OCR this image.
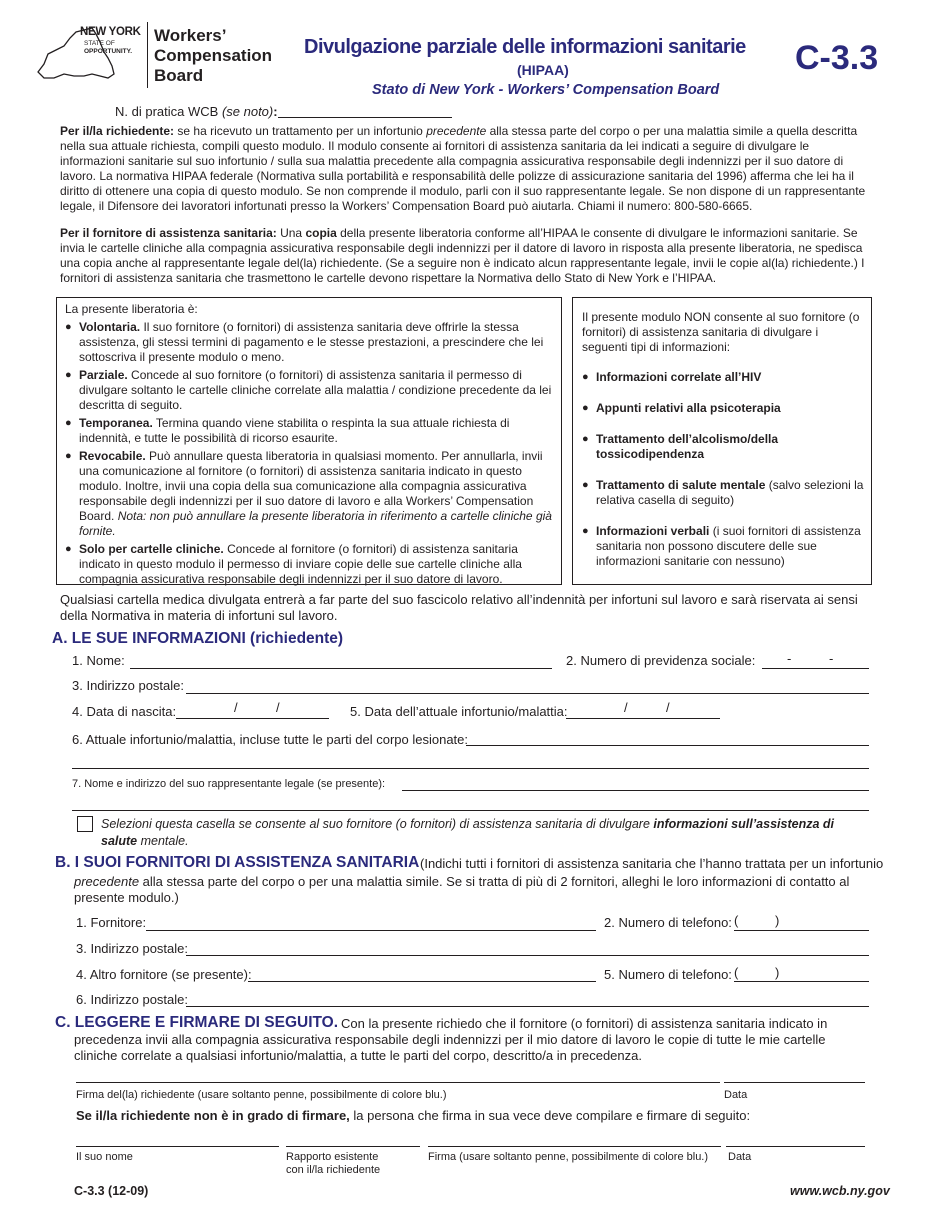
NEW YORK
STATE OF
OPPORTUNITY.
Workers’
Compensation
Board
Divulgazione parziale delle informazioni sanitarie
(HIPAA)
Stato di New York - Workers’ Compensation Board
C-3.3
N. di pratica WCB (se noto):
Per il/la richiedente: se ha ricevuto un trattamento per un infortunio precedente alla stessa parte del corpo o per una malattia simile a quella descritta nella sua attuale richiesta, compili questo modulo. Il modulo consente ai fornitori di assistenza sanitaria da lei indicati a seguire di divulgare le informazioni sanitarie sul suo infortunio / sulla sua malattia precedente alla compagnia assicurativa responsabile degli indennizzi per il suo datore di lavoro. La normativa HIPAA federale (Normativa sulla portabilità e responsabilità delle polizze di assicurazione sanitaria del 1996) afferma che lei ha il diritto di ottenere una copia di questo modulo. Se non comprende il modulo, parli con il suo rappresentante legale. Se non dispone di un rappresentante legale, il Difensore dei lavoratori infortunati presso la Workers’ Compensation Board può aiutarla. Chiami il numero: 800-580-6665.
Per il fornitore di assistenza sanitaria: Una copia della presente liberatoria conforme all’HIPAA le consente di divulgare le informazioni sanitarie. Se invia le cartelle cliniche alla compagnia assicurativa responsabile degli indennizzi per il datore di lavoro in risposta alla presente liberatoria, ne spedisca una copia anche al rappresentante legale del(la) richiedente. (Se a seguire non è indicato alcun rappresentante legale, invii le copie al(la) richiedente.) I fornitori di assistenza sanitaria che trasmettono le cartelle devono rispettare la Normativa dello Stato di New York e l’HIPAA.
La presente liberatoria è:
● Volontaria. Il suo fornitore (o fornitori) di assistenza sanitaria deve offrirle la stessa assistenza, gli stessi termini di pagamento e le stesse prestazioni, a prescindere che lei sottoscriva il presente modulo o meno.
● Parziale. Concede al suo fornitore (o fornitori) di assistenza sanitaria il permesso di divulgare soltanto le cartelle cliniche correlate alla malattia / condizione precedente da lei descritta di seguito.
● Temporanea. Termina quando viene stabilita o respinta la sua attuale richiesta di indennità, e tutte le possibilità di ricorso esaurite.
● Revocabile. Può annullare questa liberatoria in qualsiasi momento. Per annullarla, invii una comunicazione al fornitore (o fornitori) di assistenza sanitaria indicato in questo modulo. Inoltre, invii una copia della sua comunicazione alla compagnia assicurativa responsabile degli indennizzi per il suo datore di lavoro e alla Workers’ Compensation Board. Nota: non può annullare la presente liberatoria in riferimento a cartelle cliniche già fornite.
● Solo per cartelle cliniche. Concede al fornitore (o fornitori) di assistenza sanitaria indicato in questo modulo il permesso di inviare copie delle sue cartelle cliniche alla compagnia assicurativa responsabile degli indennizzi per il suo datore di lavoro.
Il presente modulo NON consente al suo fornitore (o fornitori) di assistenza sanitaria di divulgare i seguenti tipi di informazioni:
● Informazioni correlate all’HIV
● Appunti relativi alla psicoterapia
● Trattamento dell’alcolismo/della tossicodipendenza
● Trattamento di salute mentale (salvo selezioni la relativa casella di seguito)
● Informazioni verbali (i suoi fornitori di assistenza sanitaria non possono discutere delle sue informazioni sanitarie con nessuno)
Qualsiasi cartella medica divulgata entrerà a far parte del suo fascicolo relativo all’indennità per infortuni sul lavoro e sarà riservata ai sensi della Normativa in materia di infortuni sul lavoro.
A. LE SUE INFORMAZIONI (richiedente)
1. Nome:	2. Numero di previdenza sociale: -	-
3. Indirizzo postale:
4. Data di nascita:	/	/	5. Data dell’attuale infortunio/malattia:	/	/
6. Attuale infortunio/malattia, incluse tutte le parti del corpo lesionate:
7. Nome e indirizzo del suo rappresentante legale (se presente):
Selezioni questa casella se consente al suo fornitore (o fornitori) di assistenza sanitaria di divulgare informazioni sull’assistenza di salute mentale.
B. I SUOI FORNITORI DI ASSISTENZA SANITARIA (Indichi tutti i fornitori di assistenza sanitaria che l’hanno trattata per un infortunio
precedente alla stessa parte del corpo o per una malattia simile. Se si tratta di più di 2 fornitori, alleghi le loro informazioni di contatto al presente modulo.)
1. Fornitore:	2. Numero di telefono: (	)
3. Indirizzo postale:
4. Altro fornitore (se presente):	5. Numero di telefono: (	)
6. Indirizzo postale:
C. LEGGERE E FIRMARE DI SEGUITO. Con la presente richiedo che il fornitore (o fornitori) di assistenza sanitaria indicato in
precedenza invii alla compagnia assicurativa responsabile degli indennizzi per il mio datore di lavoro le copie di tutte le mie cartelle cliniche correlate a qualsiasi infortunio/malattia, a tutte le parti del corpo, descritto/a in precedenza.
Firma del(la) richiedente (usare soltanto penne, possibilmente di colore blu.)	Data
Se il/la richiedente non è in grado di firmare, la persona che firma in sua vece deve compilare e firmare di seguito:
Il suo nome	Rapporto esistente
con il/la richiedente
Firma (usare soltanto penne, possibilmente di colore blu.) Data
C-3.3 (12-09)	www.wcb.ny.gov
